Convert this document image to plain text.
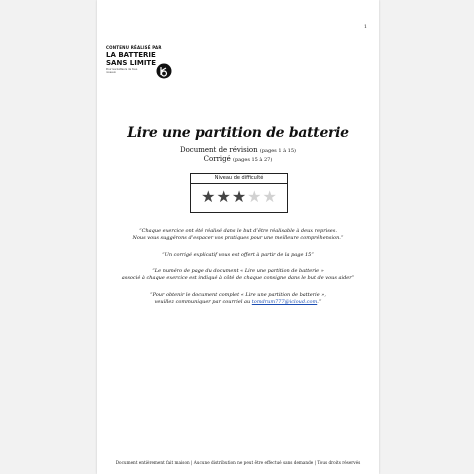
1
CONTENU RÉALISÉ PAR
LA BATTERIE SANS LIMITE
Pour les batteurs de tous niveaux
Lire une partition de batterie
Document de révision (pages 1 à 15)
Corrigé (pages 15 à 27)
Niveau de difficulté
★ ★ ★ ★ ★
“Chaque exercice ont été réalisé dans le but d’être réalisable à deux reprises.
Nous vous suggérons d’espacer vos pratiques pour une meilleure compréhension.”
“Un corrigé explicatif vous est offert à partir de la page 15”
“Le numéro de page du document « Lire une partition de batterie »
associé à chaque exercice est indiqué à côté de chaque consigne dans le but de vous aider”
“Pour obtenir le document complet « Lire une partition de batterie »,
veuillez communiquer par courriel au tomdrum777@icloud.com.”
Document entièrement fait maison | Aucune distribution ne peut être effectué sans demande | Tous droits réservés
